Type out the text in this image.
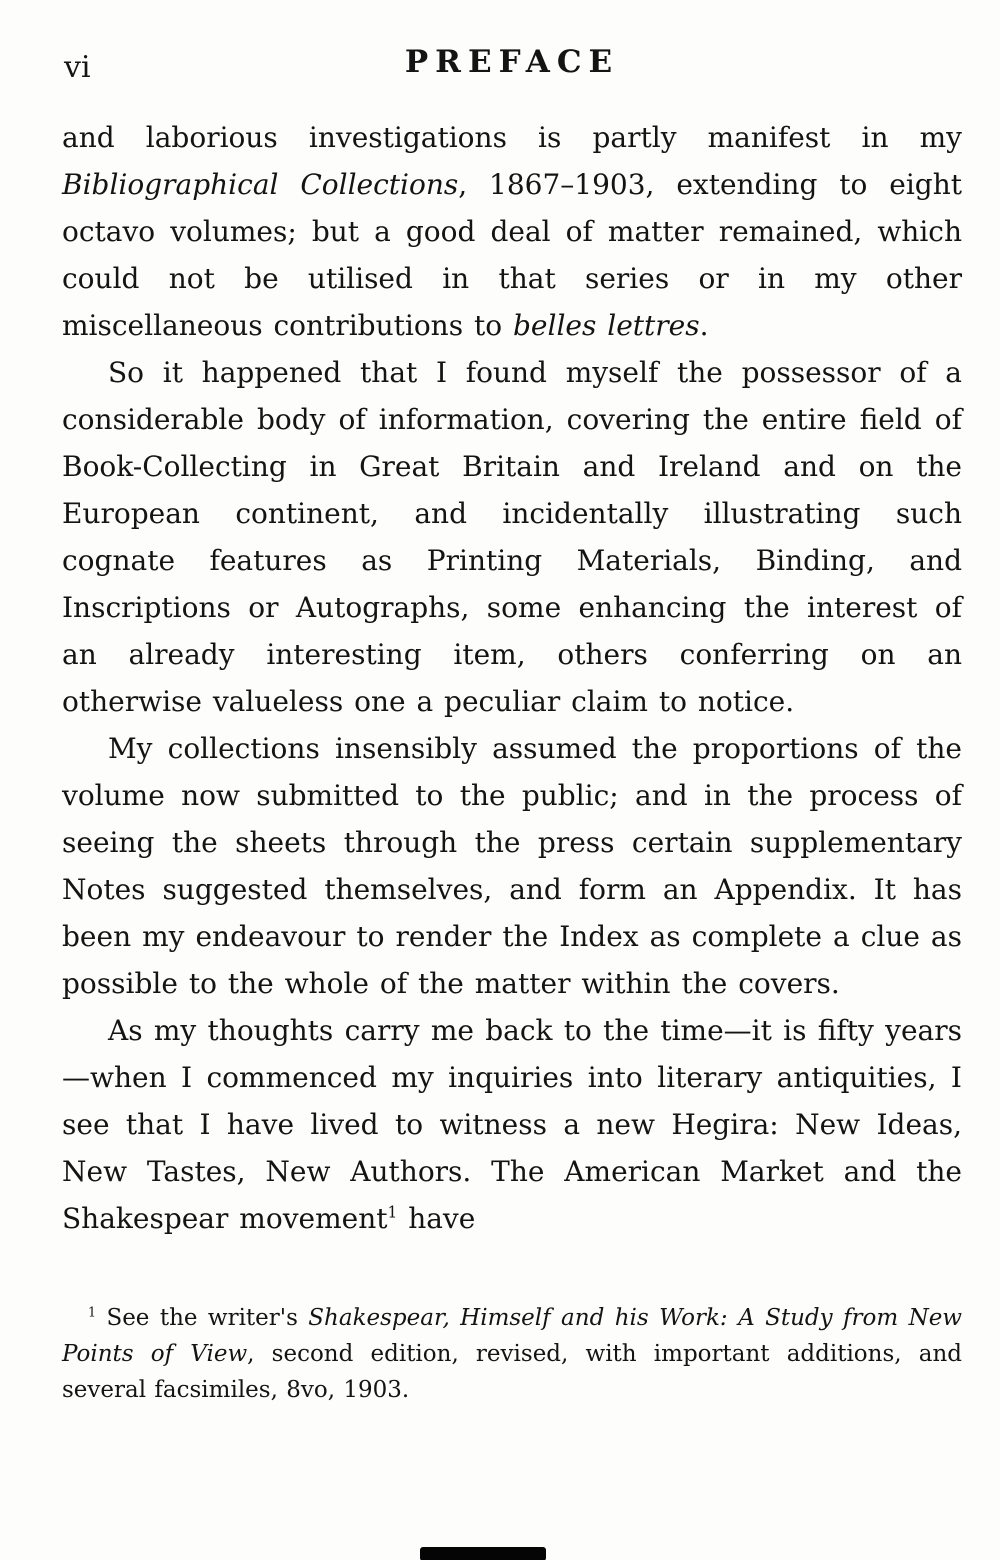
vi	PREFACE

and laborious investigations is partly manifest in my Bibliographical Collections, 1867–1903, extending to eight octavo volumes; but a good deal of matter remained, which could not be utilised in that series or in my other miscellaneous contributions to belles lettres.

So it happened that I found myself the possessor of a considerable body of information, covering the entire field of Book-Collecting in Great Britain and Ireland and on the European continent, and incidentally illustrating such cognate features as Printing Materials, Binding, and Inscriptions or Autographs, some enhancing the interest of an already interesting item, others conferring on an otherwise valueless one a peculiar claim to notice.

My collections insensibly assumed the proportions of the volume now submitted to the public; and in the process of seeing the sheets through the press certain supplementary Notes suggested themselves, and form an Appendix. It has been my endeavour to render the Index as complete a clue as possible to the whole of the matter within the covers.

As my thoughts carry me back to the time—it is fifty years—when I commenced my inquiries into literary antiquities, I see that I have lived to witness a new Hegira: New Ideas, New Tastes, New Authors. The American Market and the Shakespear movement$^1$ have

$^1$ See the writer's Shakespear, Himself and his Work: A Study from New Points of View, second edition, revised, with important additions, and several facsimiles, 8vo, 1903.
